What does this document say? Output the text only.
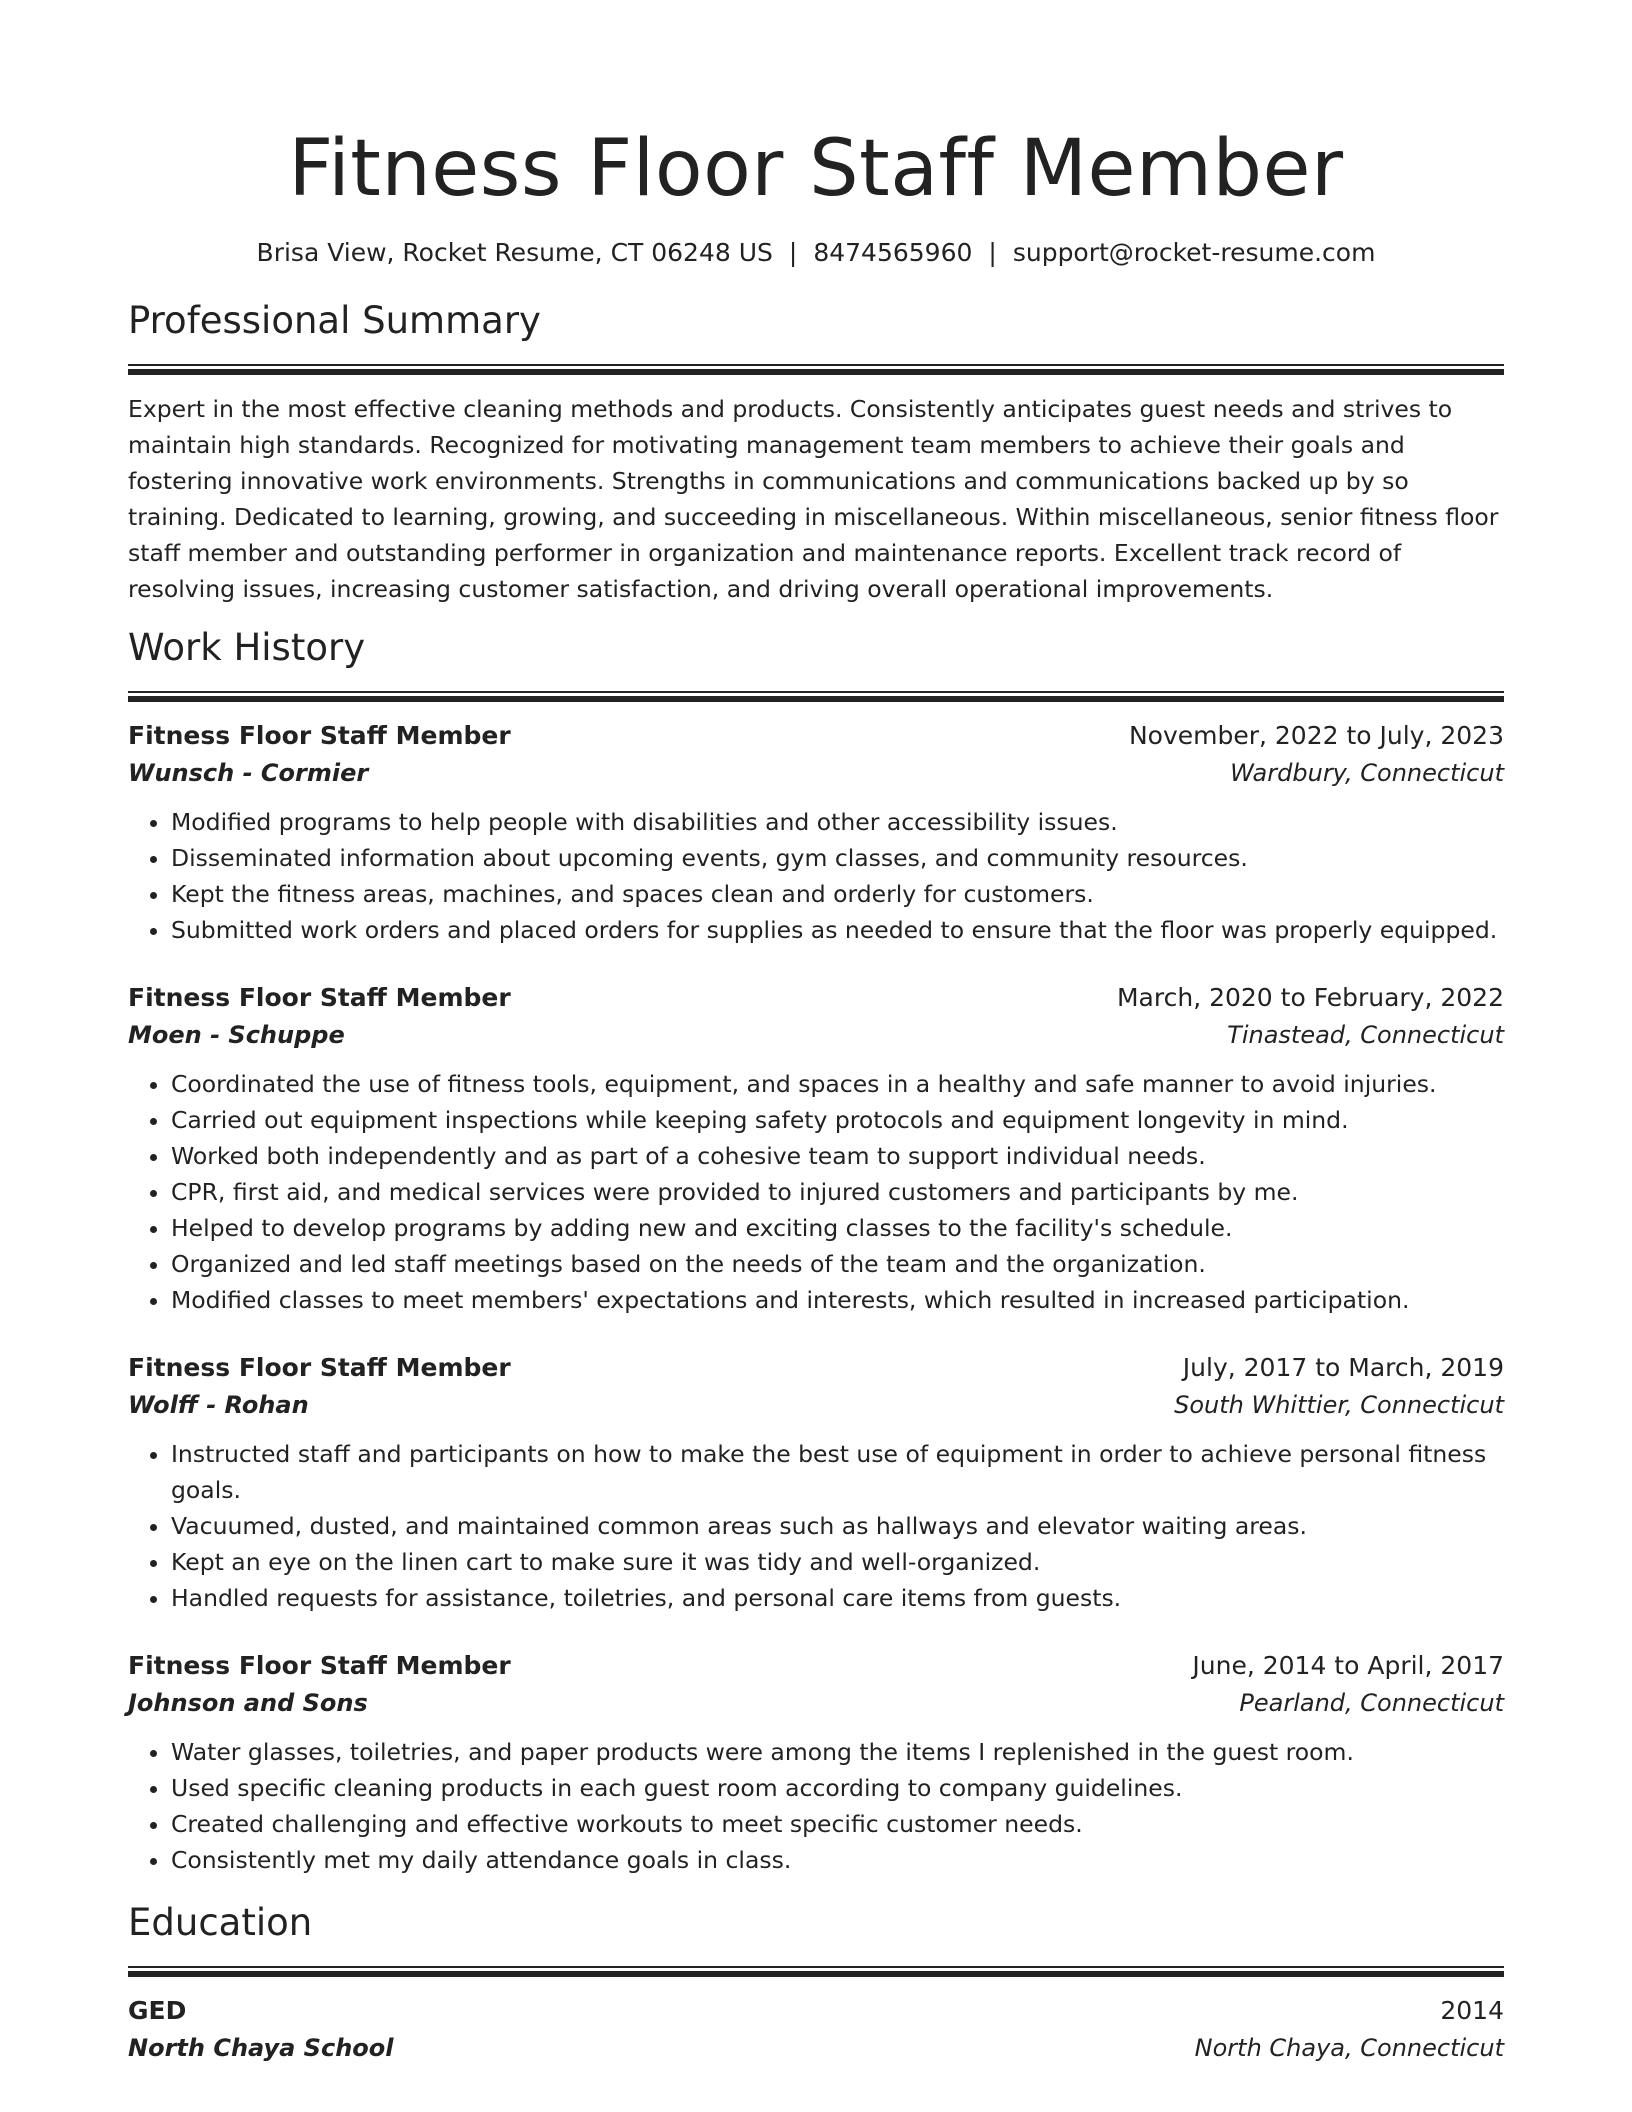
Fitness Floor Staff Member
Brisa View, Rocket Resume, CT 06248 US | 8474565960 | support@rocket-resume.com
Professional Summary
Expert in the most effective cleaning methods and products. Consistently anticipates guest needs and strives to maintain high standards. Recognized for motivating management team members to achieve their goals and fostering innovative work environments. Strengths in communications and communications backed up by so training. Dedicated to learning, growing, and succeeding in miscellaneous. Within miscellaneous, senior fitness floor staff member and outstanding performer in organization and maintenance reports. Excellent track record of resolving issues, increasing customer satisfaction, and driving overall operational improvements.
Work History
Fitness Floor Staff Member	November, 2022 to July, 2023
Wunsch - Cormier	Wardbury, Connecticut
• Modified programs to help people with disabilities and other accessibility issues.
• Disseminated information about upcoming events, gym classes, and community resources.
• Kept the fitness areas, machines, and spaces clean and orderly for customers.
• Submitted work orders and placed orders for supplies as needed to ensure that the floor was properly equipped.
Fitness Floor Staff Member	March, 2020 to February, 2022
Moen - Schuppe	Tinastead, Connecticut
• Coordinated the use of fitness tools, equipment, and spaces in a healthy and safe manner to avoid injuries.
• Carried out equipment inspections while keeping safety protocols and equipment longevity in mind.
• Worked both independently and as part of a cohesive team to support individual needs.
• CPR, first aid, and medical services were provided to injured customers and participants by me.
• Helped to develop programs by adding new and exciting classes to the facility's schedule.
• Organized and led staff meetings based on the needs of the team and the organization.
• Modified classes to meet members' expectations and interests, which resulted in increased participation.
Fitness Floor Staff Member	July, 2017 to March, 2019
Wolff - Rohan	South Whittier, Connecticut
• Instructed staff and participants on how to make the best use of equipment in order to achieve personal fitness goals.
• Vacuumed, dusted, and maintained common areas such as hallways and elevator waiting areas.
• Kept an eye on the linen cart to make sure it was tidy and well-organized.
• Handled requests for assistance, toiletries, and personal care items from guests.
Fitness Floor Staff Member	June, 2014 to April, 2017
Johnson and Sons	Pearland, Connecticut
• Water glasses, toiletries, and paper products were among the items I replenished in the guest room.
• Used specific cleaning products in each guest room according to company guidelines.
• Created challenging and effective workouts to meet specific customer needs.
• Consistently met my daily attendance goals in class.
Education
GED	2014
North Chaya School	North Chaya, Connecticut
